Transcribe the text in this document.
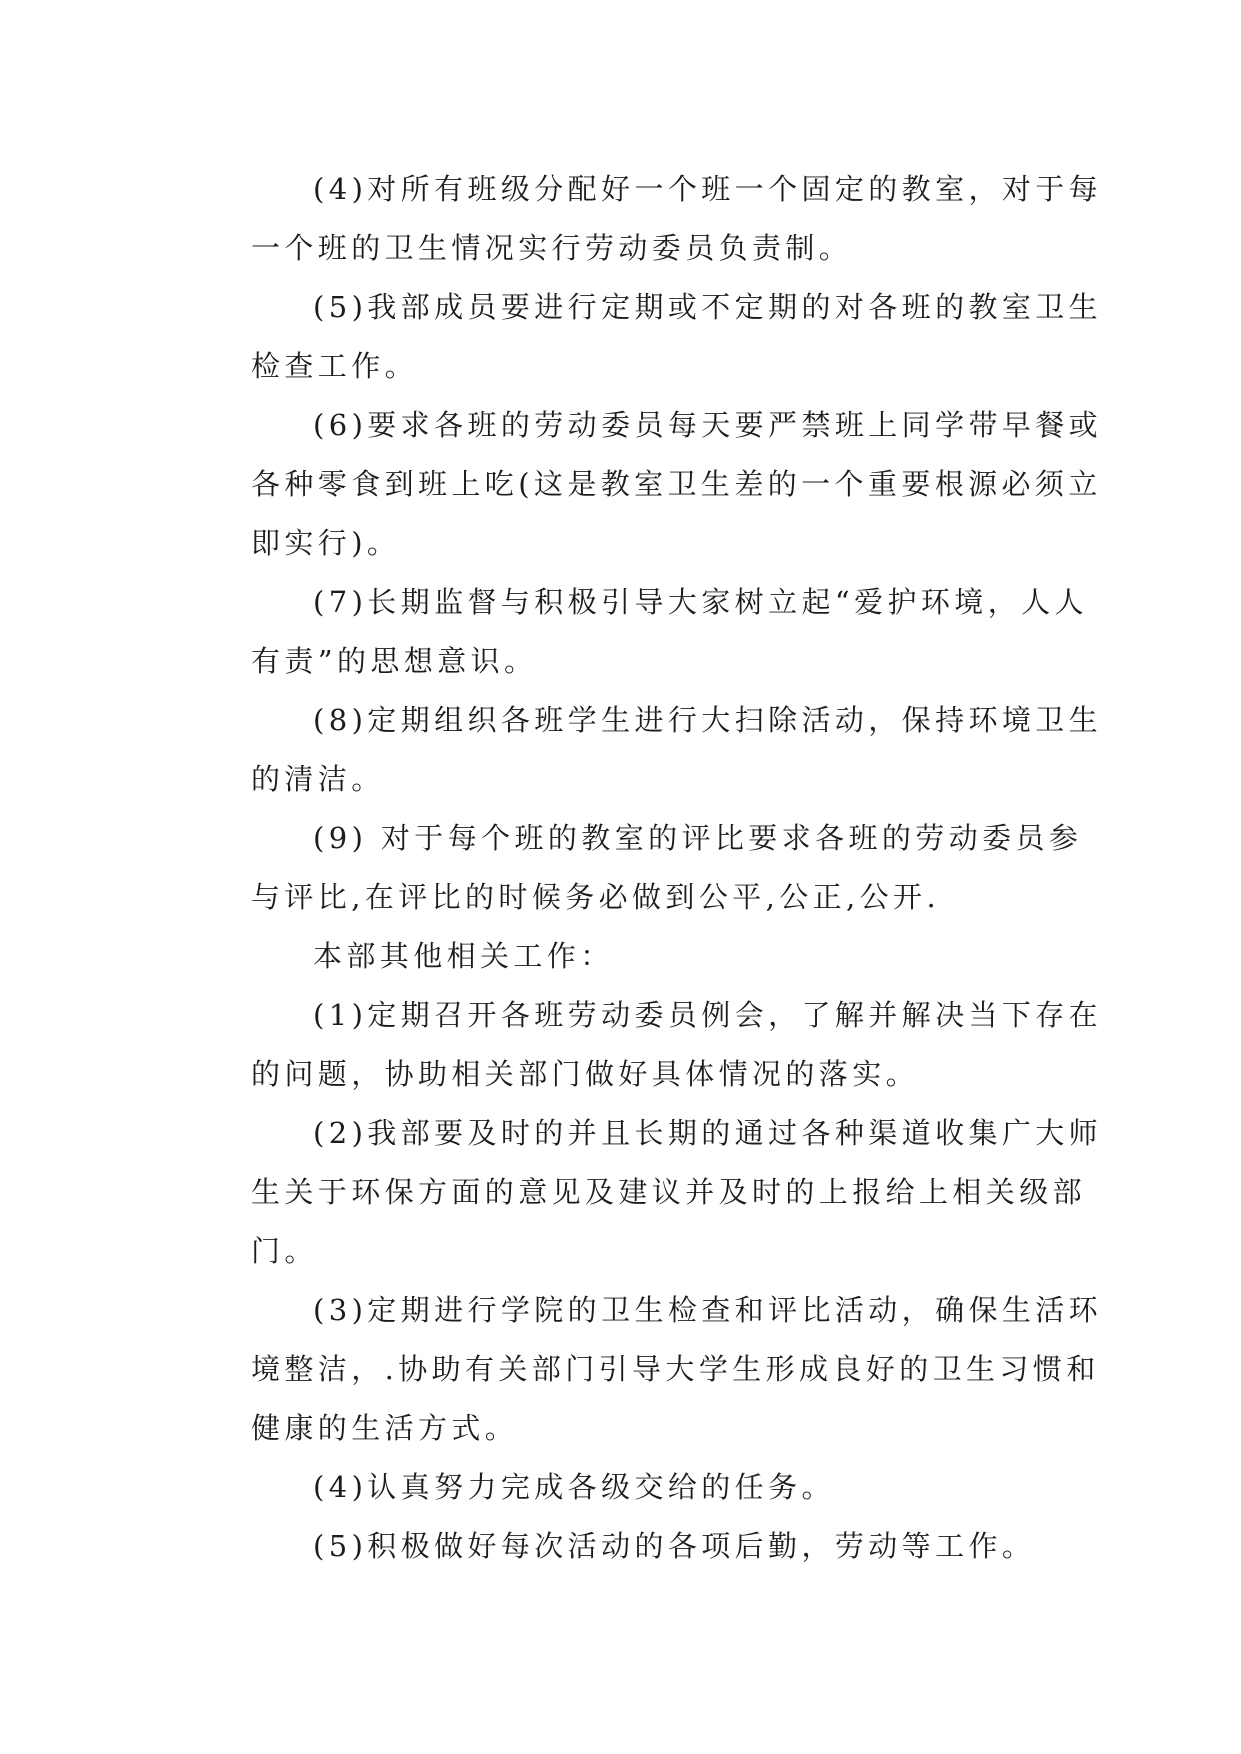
(4)对所有班级分配好一个班一个固定的教室，对于每
一个班的卫生情况实行劳动委员负责制。
(5)我部成员要进行定期或不定期的对各班的教室卫生
检查工作。
(6)要求各班的劳动委员每天要严禁班上同学带早餐或
各种零食到班上吃(这是教室卫生差的一个重要根源必须立
即实行)。
(7)长期监督与积极引导大家树立起“爱护环境，人人
有责”的思想意识。
(8)定期组织各班学生进行大扫除活动，保持环境卫生
的清洁。
(9) 对于每个班的教室的评比要求各班的劳动委员参
与评比,在评比的时候务必做到公平,公正,公开.
本部其他相关工作：
(1)定期召开各班劳动委员例会，了解并解决当下存在
的问题，协助相关部门做好具体情况的落实。
(2)我部要及时的并且长期的通过各种渠道收集广大师
生关于环保方面的意见及建议并及时的上报给上相关级部
门。
(3)定期进行学院的卫生检查和评比活动，确保生活环
境整洁，.协助有关部门引导大学生形成良好的卫生习惯和
健康的生活方式。
(4)认真努力完成各级交给的任务。
(5)积极做好每次活动的各项后勤，劳动等工作。
